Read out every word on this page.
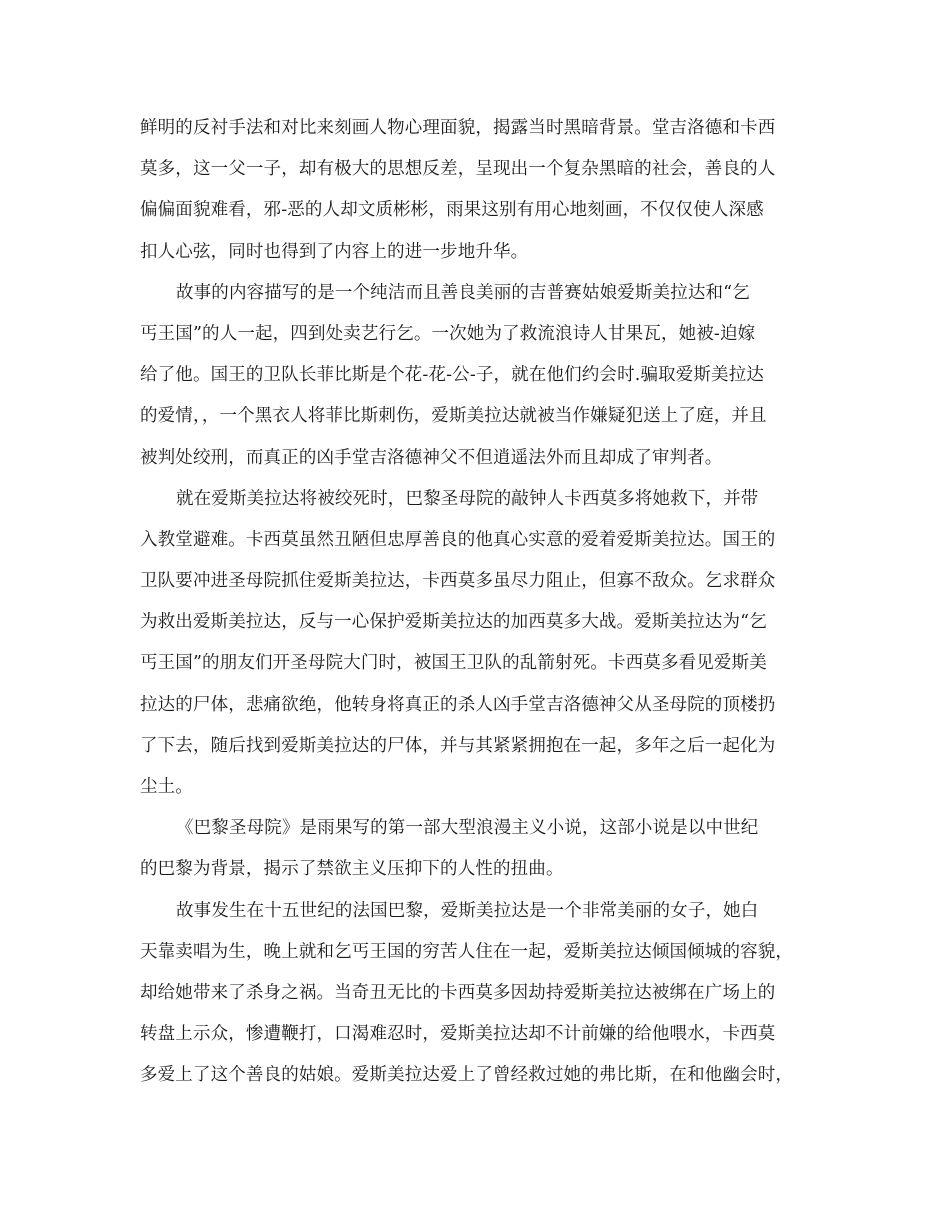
鲜明的反衬手法和对比来刻画人物心理面貌，揭露当时黑暗背景。堂吉洛德和卡西
莫多，这一父一子，却有极大的思想反差，呈现出一个复杂黑暗的社会，善良的人
偏偏面貌难看，邪-恶的人却文质彬彬，雨果这别有用心地刻画，不仅仅使人深感
扣人心弦，同时也得到了内容上的进一步地升华。
故事的内容描写的是一个纯洁而且善良美丽的吉普赛姑娘爱斯美拉达和“乞
丐王国”的人一起，四到处卖艺行乞。一次她为了救流浪诗人甘果瓦，她被-迫嫁
给了他。国王的卫队长菲比斯是个花-花-公-子，就在他们约会时.骗取爱斯美拉达
的爱情，，一个黑衣人将菲比斯刺伤，爱斯美拉达就被当作嫌疑犯送上了庭，并且
被判处绞刑，而真正的凶手堂吉洛德神父不但逍遥法外而且却成了审判者。
就在爱斯美拉达将被绞死时，巴黎圣母院的敲钟人卡西莫多将她救下，并带
入教堂避难。卡西莫虽然丑陋但忠厚善良的他真心实意的爱着爱斯美拉达。国王的
卫队要冲进圣母院抓住爱斯美拉达，卡西莫多虽尽力阻止，但寡不敌众。乞求群众
为救出爱斯美拉达，反与一心保护爱斯美拉达的加西莫多大战。爱斯美拉达为“乞
丐王国”的朋友们开圣母院大门时，被国王卫队的乱箭射死。卡西莫多看见爱斯美
拉达的尸体，悲痛欲绝，他转身将真正的杀人凶手堂吉洛德神父从圣母院的顶楼扔
了下去，随后找到爱斯美拉达的尸体，并与其紧紧拥抱在一起，多年之后一起化为
尘土。
《巴黎圣母院》是雨果写的第一部大型浪漫主义小说，这部小说是以中世纪
的巴黎为背景，揭示了禁欲主义压抑下的人性的扭曲。
故事发生在十五世纪的法国巴黎，爱斯美拉达是一个非常美丽的女子，她白
天靠卖唱为生，晚上就和乞丐王国的穷苦人住在一起，爱斯美拉达倾国倾城的容貌，
却给她带来了杀身之祸。当奇丑无比的卡西莫多因劫持爱斯美拉达被绑在广场上的
转盘上示众，惨遭鞭打，口渴难忍时，爱斯美拉达却不计前嫌的给他喂水，卡西莫
多爱上了这个善良的姑娘。爱斯美拉达爱上了曾经救过她的弗比斯，在和他幽会时，
